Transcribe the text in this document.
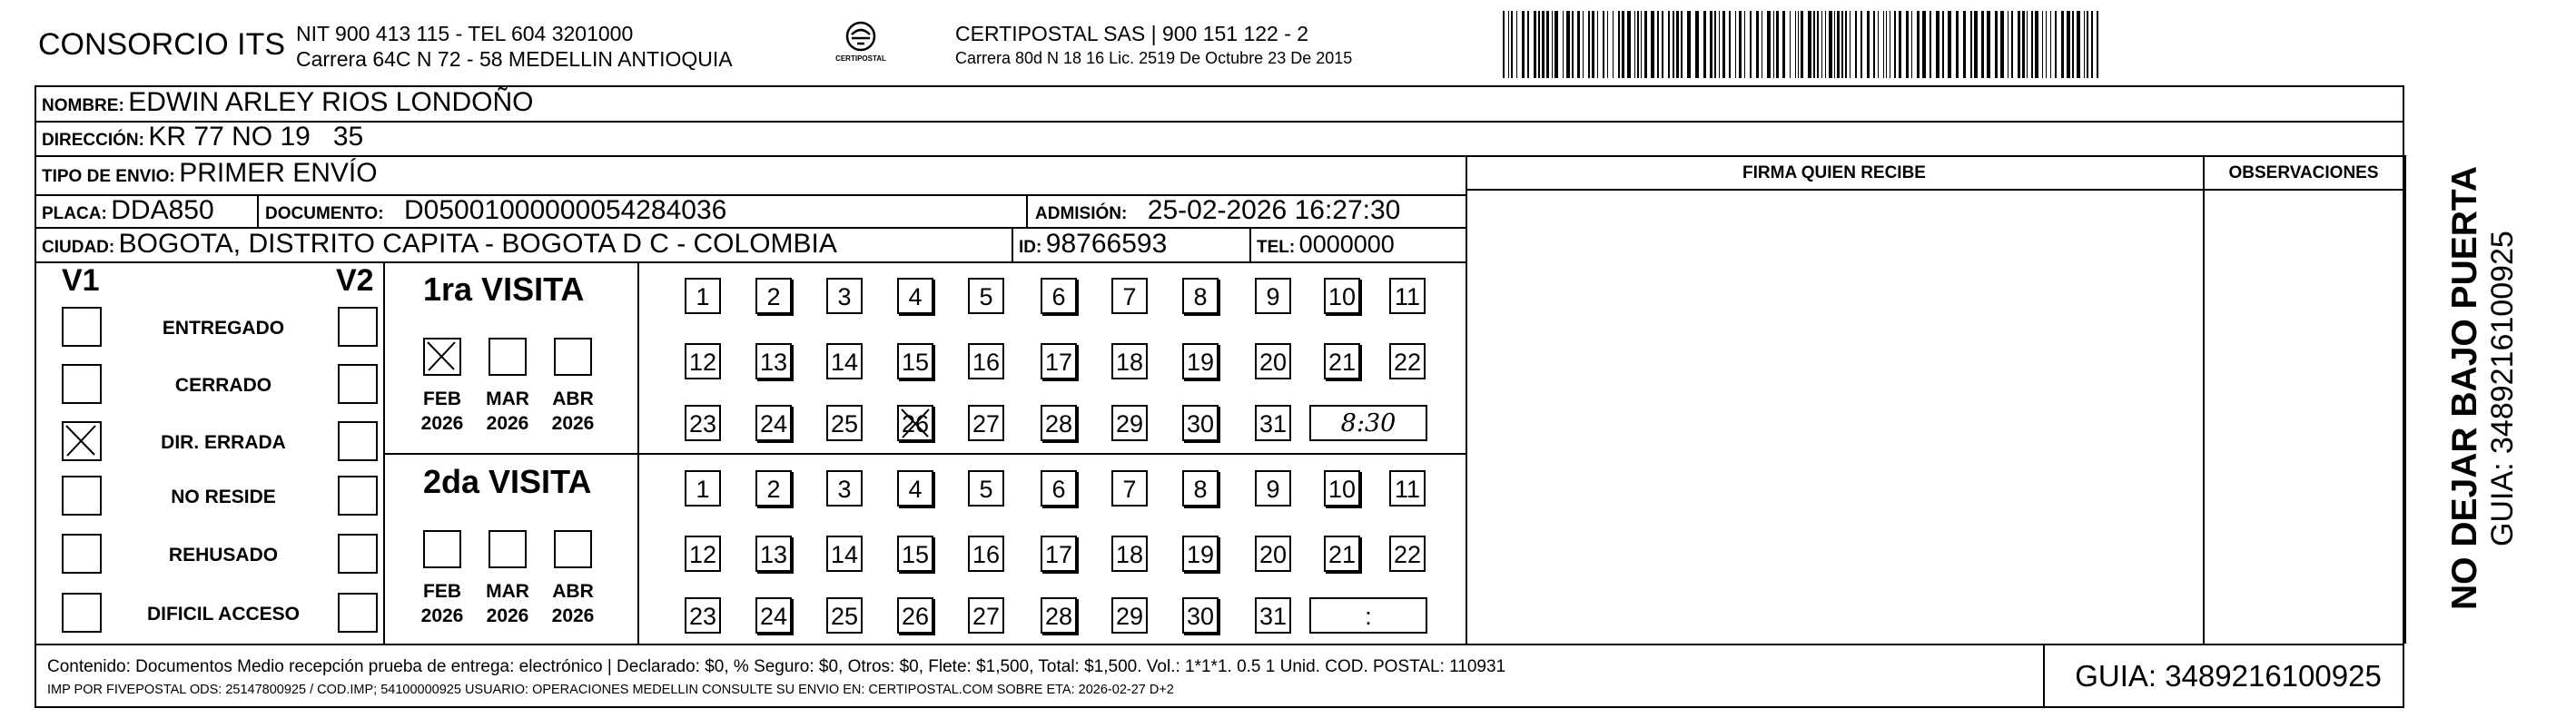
CONSORCIO ITS NIT 900 413 115 - TEL 604 3201000
Carrera 64C N 72 - 58 MEDELLIN ANTIOQUIA	CERTIPOSTAL
CERTIPOSTAL SAS | 900 151 122 - 2
Carrera 80d N 18 16 Lic. 2519 De Octubre 23 De 2015
NOMBRE: EDWIN ARLEY RIOS LONDOÑO
DIRECCIÓN: KR 77 NO 19   35
TIPO DE ENVIO: PRIMER ENVÍO
PLACA: DDA850	DOCUMENTO: D05001000000054284036	ADMISIÓN: 25-02-2026 16:27:30
CIUDAD: BOGOTA, DISTRITO CAPITA - BOGOTA D C - COLOMBIA	ID: 98766593	TEL: 0000000
FIRMA QUIEN RECIBE	OBSERVACIONES
V1	V2
ENTREGADO
CERRADO
DIR. ERRADA
NO RESIDE
REHUSADO
DIFICIL ACCESO
1ra VISITA
2da VISITA
FEB
2026
MAR
2026
ABR
2026
1	2	3	4	5	6	7	8	9	10 11
12 13 14 15 16 17 18 19 20 21 22
23 24 25 26 27 28 29 30 31	8:30
FEB
2026
MAR
2026
ABR
2026
1	2	3	4	5	6	7	8	9	10 11
12 13 14 15 16 17 18 19 20 21 22
23 24 25 26 27 28 29 30 31	:
Contenido: Documentos Medio recepción prueba de entrega: electrónico | Declarado: $0, % Seguro: $0, Otros: $0, Flete: $1,500, Total: $1,500. Vol.: 1*1*1. 0.5 1 Unid. COD. POSTAL: 110931
IMP POR FIVEPOSTAL ODS: 25147800925 / COD.IMP; 54100000925 USUARIO: OPERACIONES MEDELLIN CONSULTE SU ENVIO EN: CERTIPOSTAL.COM SOBRE ETA: 2026-02-27 D+2	GUIA: 3489216100925
NO DEJAR BAJO PUERTA GUIA: 3489216100925
